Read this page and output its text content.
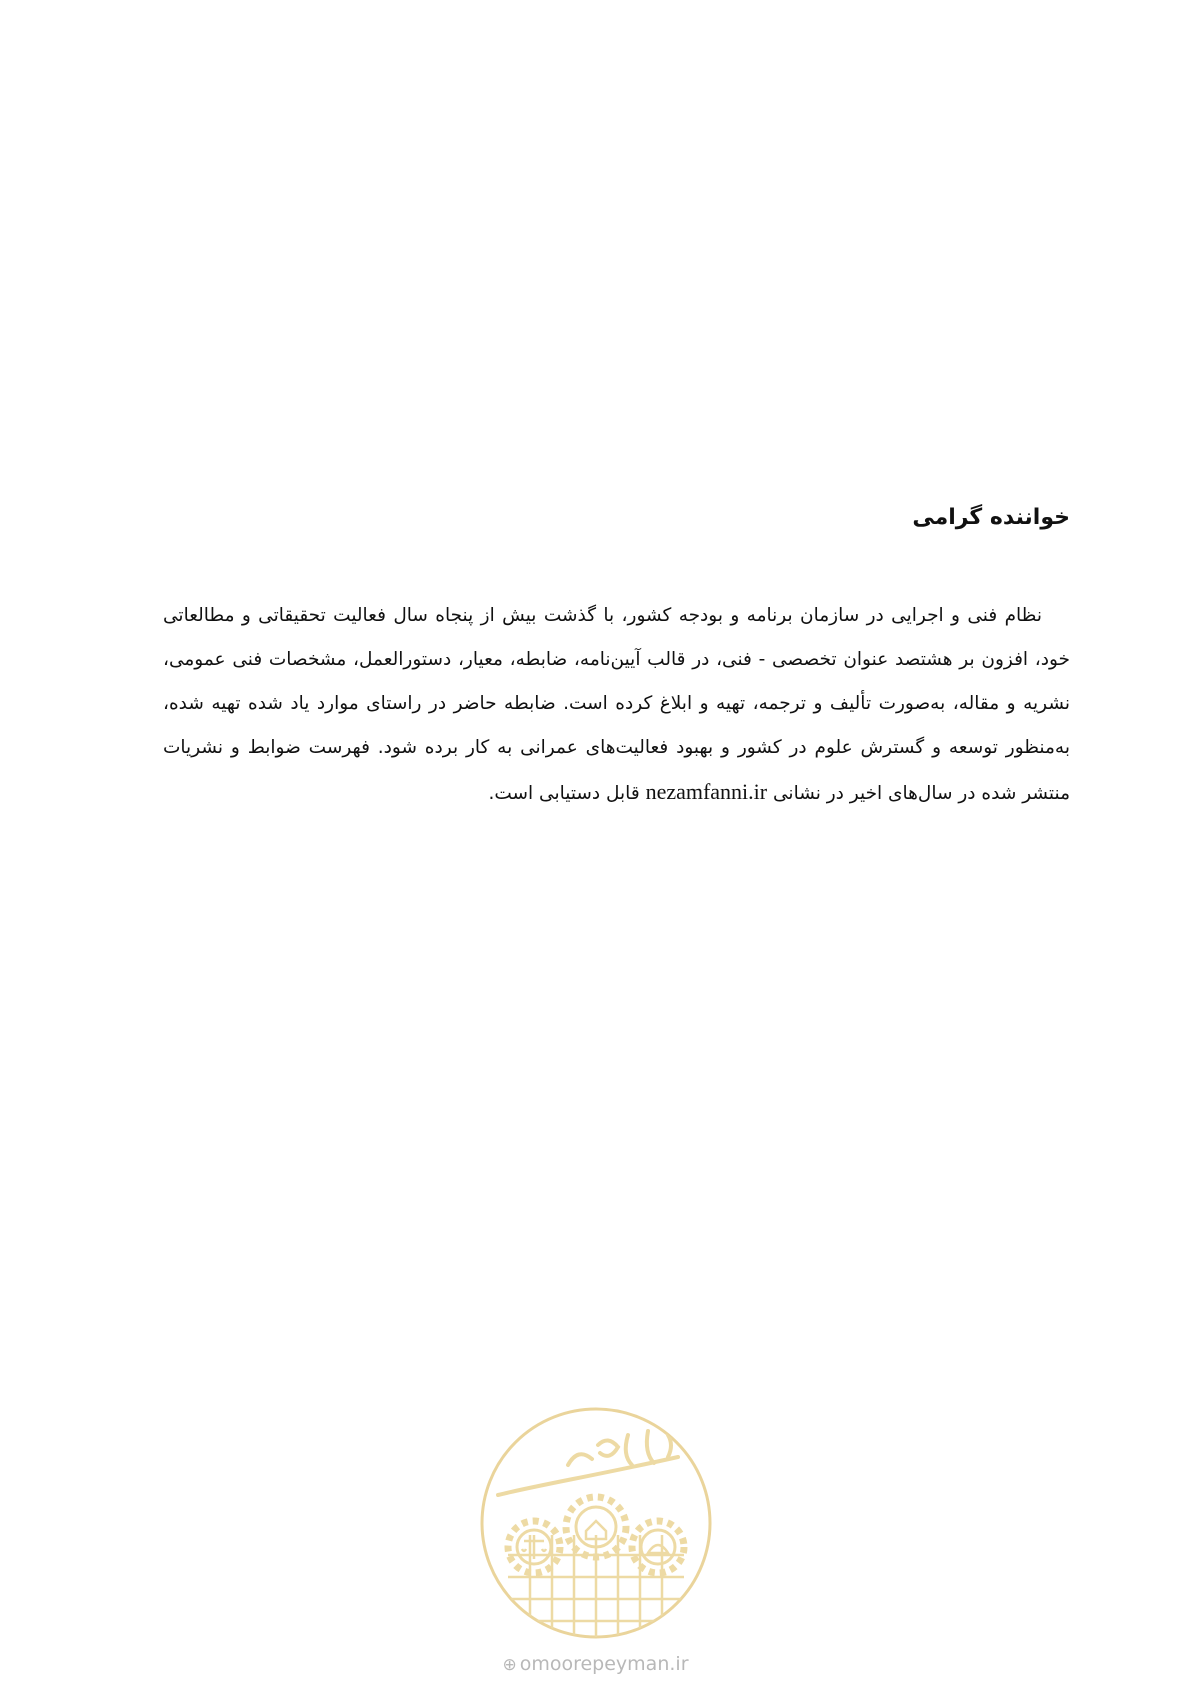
خواننده گرامی

نظام فنی و اجرایی در سازمان برنامه و بودجه کشور، با گذشت بیش از پنجاه سال فعالیت تحقیقاتی و مطالعاتی خود، افزون بر هشتصد عنوان تخصصی - فنی، در قالب آیین‌نامه، ضابطه، معیار، دستورالعمل، مشخصات فنی عمومی، نشریه و مقاله، به‌صورت تألیف و ترجمه، تهیه و ابلاغ کرده است. ضابطه حاضر در راستای موارد یاد شده تهیه شده، به‌منظور توسعه و گسترش علوم در کشور و بهبود فعالیت‌های عمرانی به کار برده شود. فهرست ضوابط و نشریات منتشر شده در سال‌های اخیر در نشانی nezamfanni.ir قابل دستیابی است.

⊕ omoorepeyman.ir
